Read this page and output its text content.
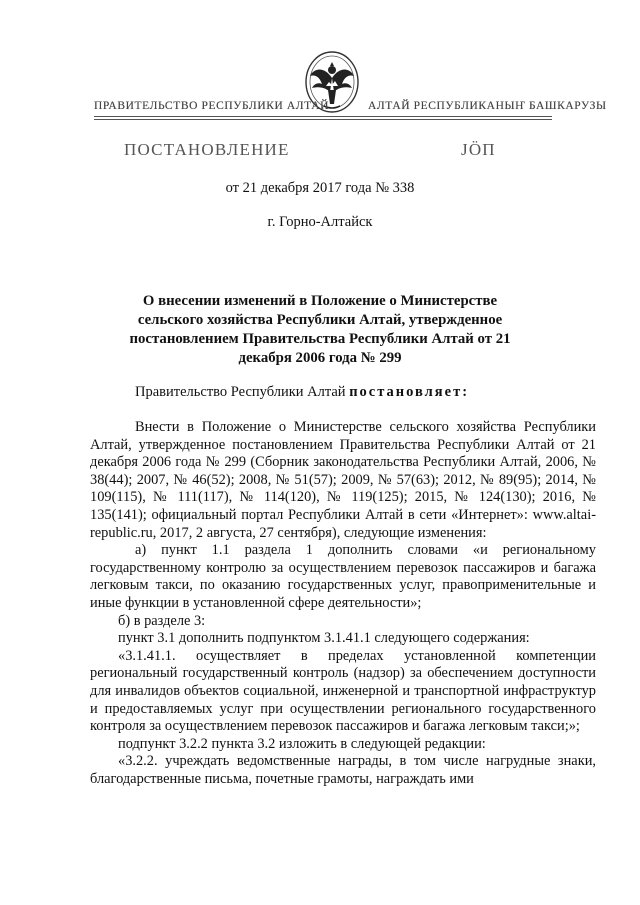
ПРАВИТЕЛЬСТВО РЕСПУБЛИКИ АЛТАЙ	АЛТАЙ РЕСПУБЛИКАНЫҤ БАШКАРУЗЫ
ПОСТАНОВЛЕНИЕ	JӦП
от 21 декабря 2017 года № 338
г. Горно-Алтайск
О внесении изменений в Положение о Министерстве сельского хозяйства Республики Алтай, утвержденное постановлением Правительства Республики Алтай от 21 декабря 2006 года № 299
Правительство Республики Алтай постановляет:

Внести в Положение о Министерстве сельского хозяйства Республики Алтай, утвержденное постановлением Правительства Республики Алтай от 21 декабря 2006 года № 299 (Сборник законодательства Республики Алтай, 2006, № 38(44); 2007, № 46(52); 2008, № 51(57); 2009, № 57(63); 2012, № 89(95); 2014, № 109(115), № 111(117), № 114(120), № 119(125); 2015, № 124(130); 2016, № 135(141); официальный портал Республики Алтай в сети «Интернет»: www.altai-republic.ru, 2017, 2 августа, 27 сентября), следующие изменения:

а) пункт 1.1 раздела 1 дополнить словами «и региональному государственному контролю за осуществлением перевозок пассажиров и багажа легковым такси, по оказанию государственных услуг, правоприменительные и иные функции в установленной сфере деятельности»;

б) в разделе 3:

пункт 3.1 дополнить подпунктом 3.1.41.1 следующего содержания:

«3.1.41.1. осуществляет в пределах установленной компетенции региональный государственный контроль (надзор) за обеспечением доступности для инвалидов объектов социальной, инженерной и транспортной инфраструктур и предоставляемых услуг при осуществлении регионального государственного контроля за осуществлением перевозок пассажиров и багажа легковым такси;»;

подпункт 3.2.2 пункта 3.2 изложить в следующей редакции:

«3.2.2. учреждать ведомственные награды, в том числе нагрудные знаки, благодарственные письма, почетные грамоты, награждать ими
